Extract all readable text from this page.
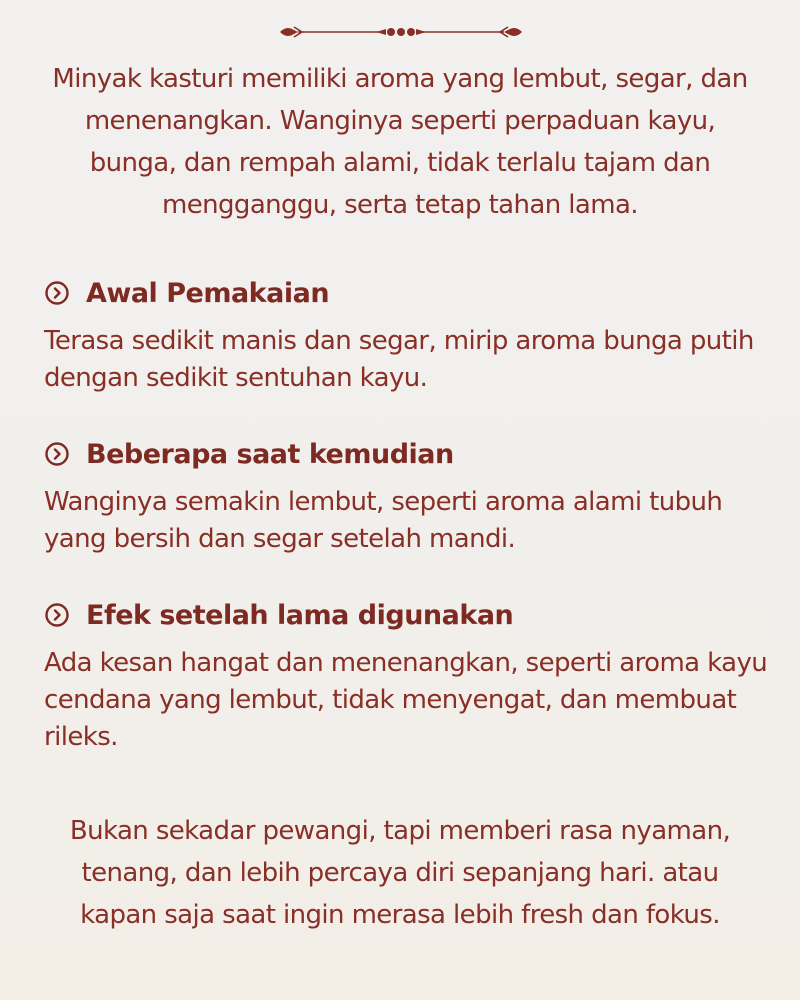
Minyak kasturi memiliki aroma yang lembut, segar, dan menenangkan. Wanginya seperti perpaduan kayu, bunga, dan rempah alami, tidak terlalu tajam dan mengganggu, serta tetap tahan lama.

Awal Pemakaian

Terasa sedikit manis dan segar, mirip aroma bunga putih dengan sedikit sentuhan kayu.

Beberapa saat kemudian

Wanginya semakin lembut, seperti aroma alami tubuh yang bersih dan segar setelah mandi.

Efek setelah lama digunakan

Ada kesan hangat dan menenangkan, seperti aroma kayu cendana yang lembut, tidak menyengat, dan membuat rileks.

Bukan sekadar pewangi, tapi memberi rasa nyaman, tenang, dan lebih percaya diri sepanjang hari. atau kapan saja saat ingin merasa lebih fresh dan fokus.
